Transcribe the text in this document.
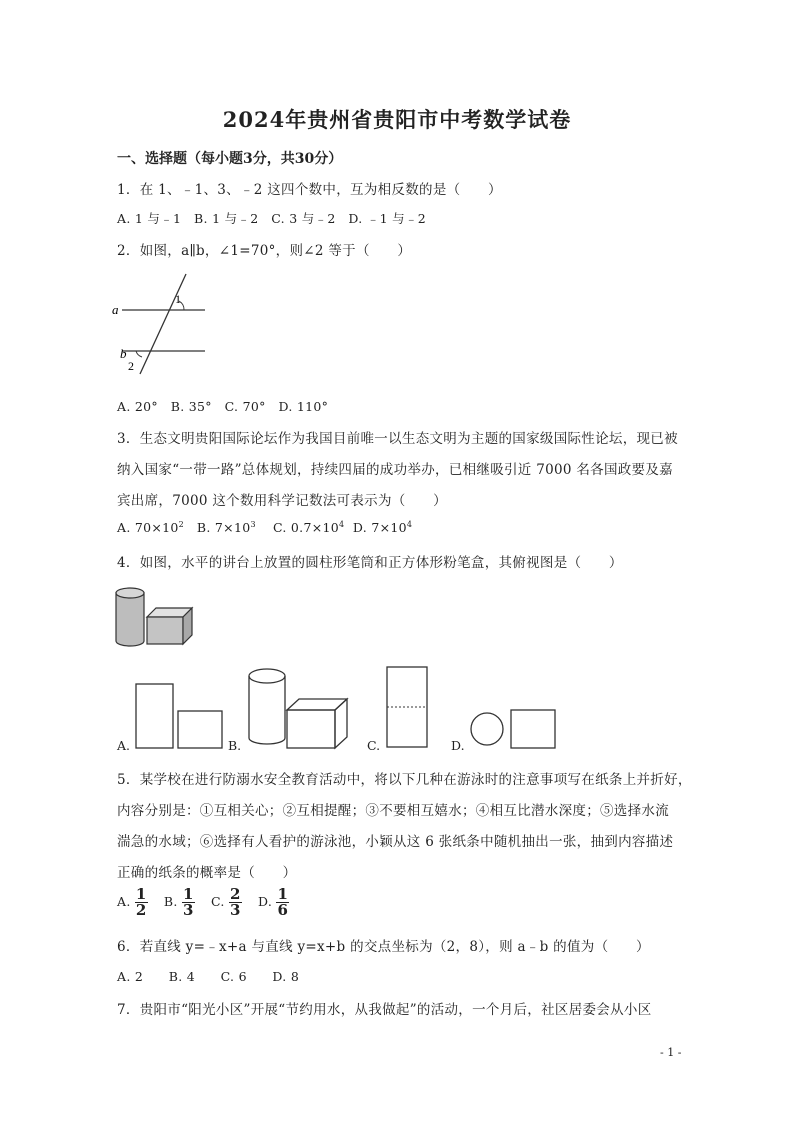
2024年贵州省贵阳市中考数学试卷
一、选择题（每小题3分，共30分）
1．在 1、﹣1、3、﹣2 这四个数中，互为相反数的是（　　）
A. 1 与﹣1　B. 1 与﹣2　C. 3 与﹣2　D. ﹣1 与﹣2
2．如图，a∥b，∠1=70°，则∠2 等于（　　）
a
1
b
2
A. 20°　B. 35°　C. 70°　D. 110°
3．生态文明贵阳国际论坛作为我国目前唯一以生态文明为主题的国家级国际性论坛，现已被
纳入国家“一带一路”总体规划，持续四届的成功举办，已相继吸引近 7000 名各国政要及嘉
宾出席，7000 这个数用科学记数法可表示为（　　）
A. $70\times 10^2$ B. $7\times 10^3$ C. $0.7\times 10^4$ D. $7\times 10^4$
4．如图，水平的讲台上放置的圆柱形笔筒和正方体形粉笔盒，其俯视图是（　　）
A.	B.	C.	D.
5．某学校在进行防溺水安全教育活动中，将以下几种在游泳时的注意事项写在纸条上并折好，
内容分别是：①互相关心；②互相提醒；③不要相互嬉水；④相互比潜水深度；⑤选择水流
湍急的水域；⑥选择有人看护的游泳池，小颖从这 6 张纸条中随机抽出一张，抽到内容描述
正确的纸条的概率是（　　）
A. $\frac{1}{2} B$. $\frac{1}{3} C$. $\frac{2}{3} D$. $\frac{1}{6}$
6．若直线 y=﹣x+a 与直线 y=x+b 的交点坐标为（2，8），则 a﹣b 的值为（　　）
A. 2　　B. 4　　C. 6　　D. 8
7．贵阳市“阳光小区”开展“节约用水，从我做起”的活动，一个月后，社区居委会从小区
- 1 -
